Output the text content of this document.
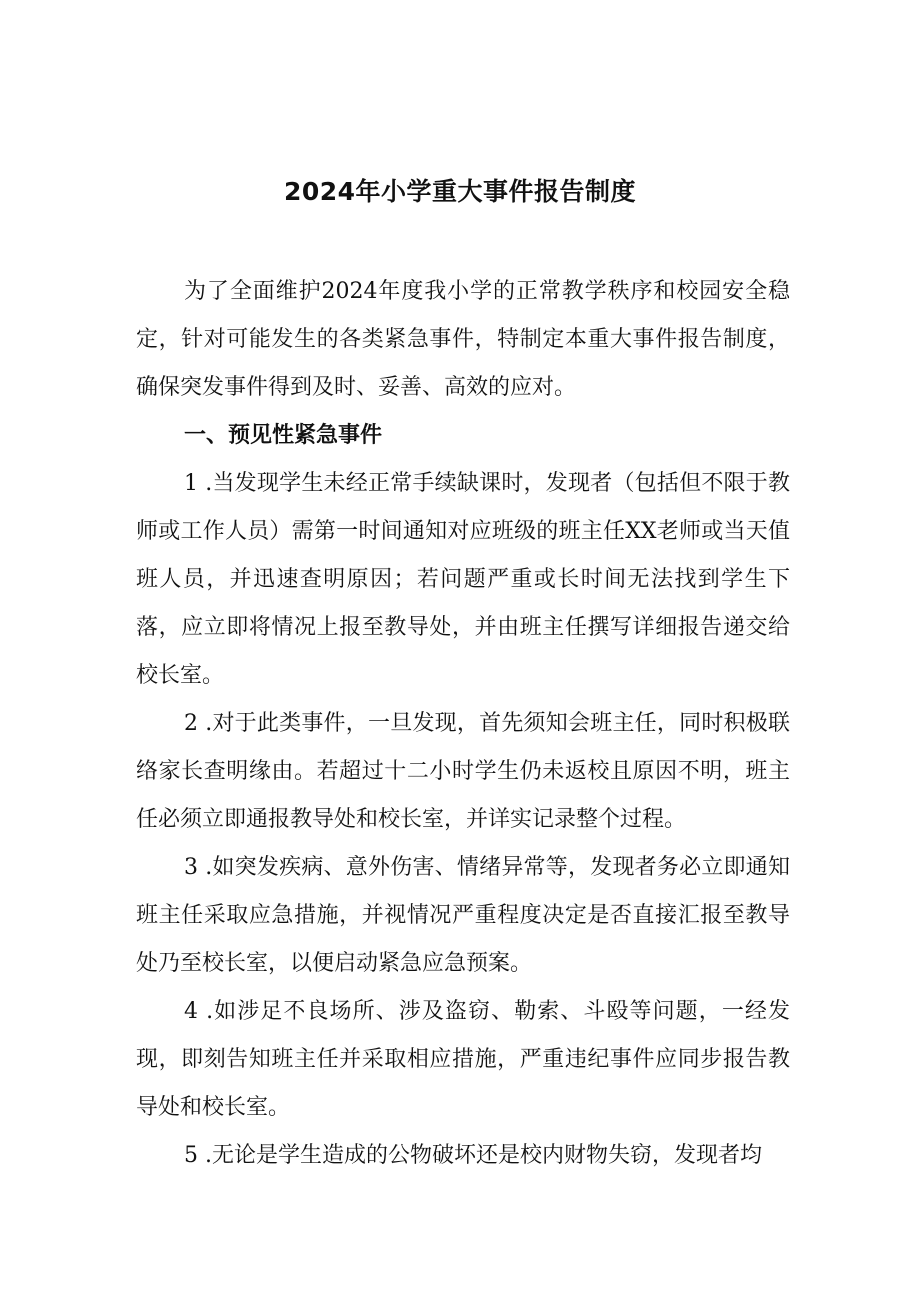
2024年小学重大事件报告制度

为了全面维护2024年度我小学的正常教学秩序和校园安全稳定，针对可能发生的各类紧急事件，特制定本重大事件报告制度，确保突发事件得到及时、妥善、高效的应对。

一、预见性紧急事件

1 .当发现学生未经正常手续缺课时，发现者（包括但不限于教师或工作人员）需第一时间通知对应班级的班主任XX老师或当天值班人员，并迅速查明原因；若问题严重或长时间无法找到学生下落，应立即将情况上报至教导处，并由班主任撰写详细报告递交给校长室。

2 .对于此类事件，一旦发现，首先须知会班主任，同时积极联络家长查明缘由。若超过十二小时学生仍未返校且原因不明，班主任必须立即通报教导处和校长室，并详实记录整个过程。

3 .如突发疾病、意外伤害、情绪异常等，发现者务必立即通知班主任采取应急措施，并视情况严重程度决定是否直接汇报至教导处乃至校长室，以便启动紧急应急预案。

4 .如涉足不良场所、涉及盗窃、勒索、斗殴等问题，一经发现，即刻告知班主任并采取相应措施，严重违纪事件应同步报告教导处和校长室。

5 .无论是学生造成的公物破坏还是校内财物失窃，发现者均
